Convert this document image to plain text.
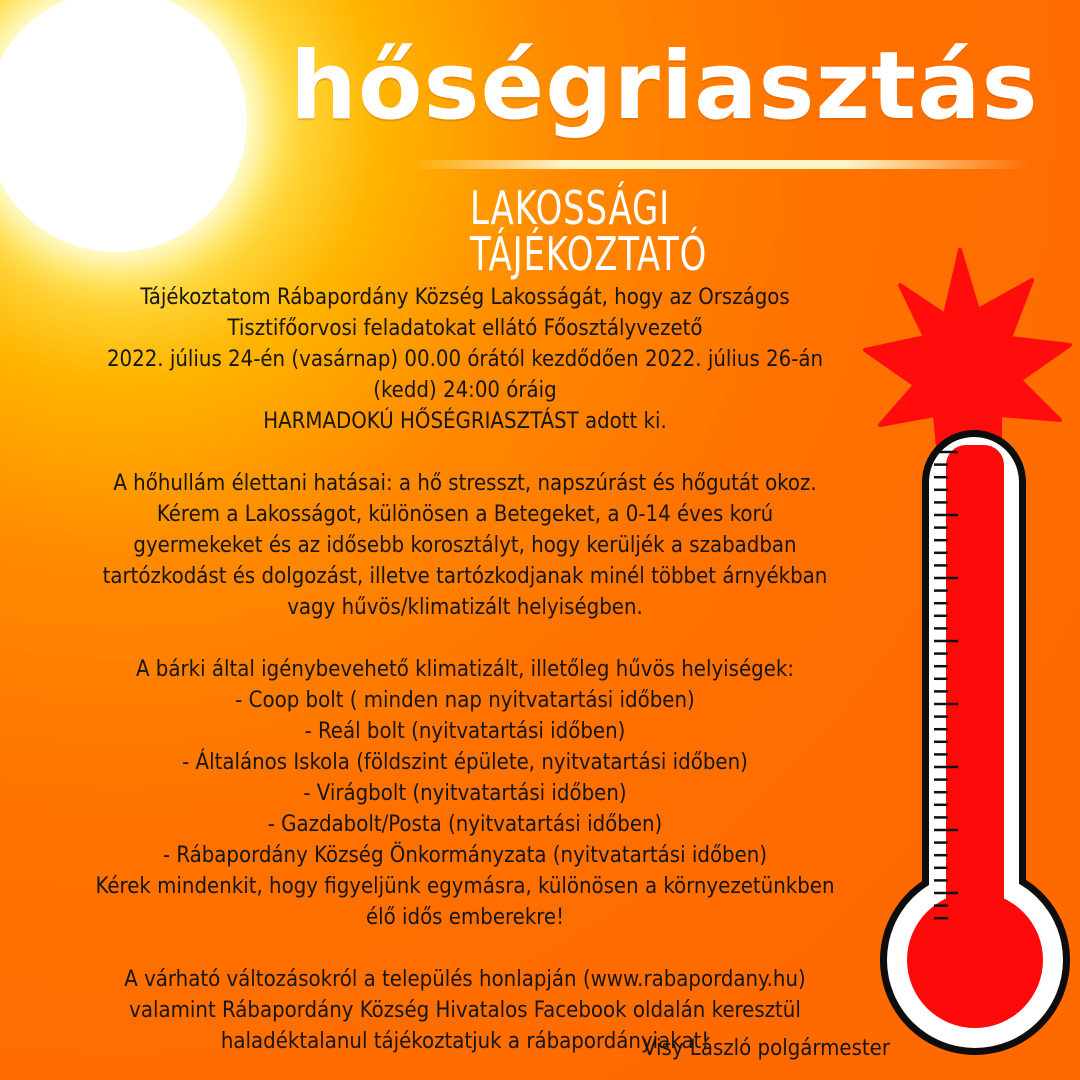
hőségriasztás
LAKOSSÁGI TÁJÉKOZTATÓ

Tájékoztatom Rábapordány Község Lakosságát, hogy az Országos

Tisztifőorvosi feladatokat ellátó Főosztályvezető

2022. július 24-én (vasárnap) 00.00 órától kezdődően 2022. július 26-án

(kedd) 24:00 óráig

HARMADOKÚ HŐSÉGRIASZTÁST adott ki.

A hőhullám élettani hatásai: a hő stresszt, napszúrást és hőgutát okoz.

Kérem a Lakosságot, különösen a Betegeket, a 0-14 éves korú

gyermekeket és az idősebb korosztályt, hogy kerüljék a szabadban

tartózkodást és dolgozást, illetve tartózkodjanak minél többet árnyékban

vagy hűvös/klimatizált helyiségben.

A bárki által igénybevehető klimatizált, illetőleg hűvös helyiségek:

- Coop bolt ( minden nap nyitvatartási időben)

- Reál bolt (nyitvatartási időben)

- Általános Iskola (földszint épülete, nyitvatartási időben)

- Virágbolt (nyitvatartási időben)

- Gazdabolt/Posta (nyitvatartási időben)

- Rábapordány Község Önkormányzata (nyitvatartási időben)

Kérek mindenkit, hogy figyeljünk egymásra, különösen a környezetünkben

élő idős emberekre!

A várható változásokról a település honlapján (www.rabapordany.hu)

valamint Rábapordány Község Hivatalos Facebook oldalán keresztül

haladéktalanul tájékoztatjuk a rábapordányiakat!

Visy László polgármester
